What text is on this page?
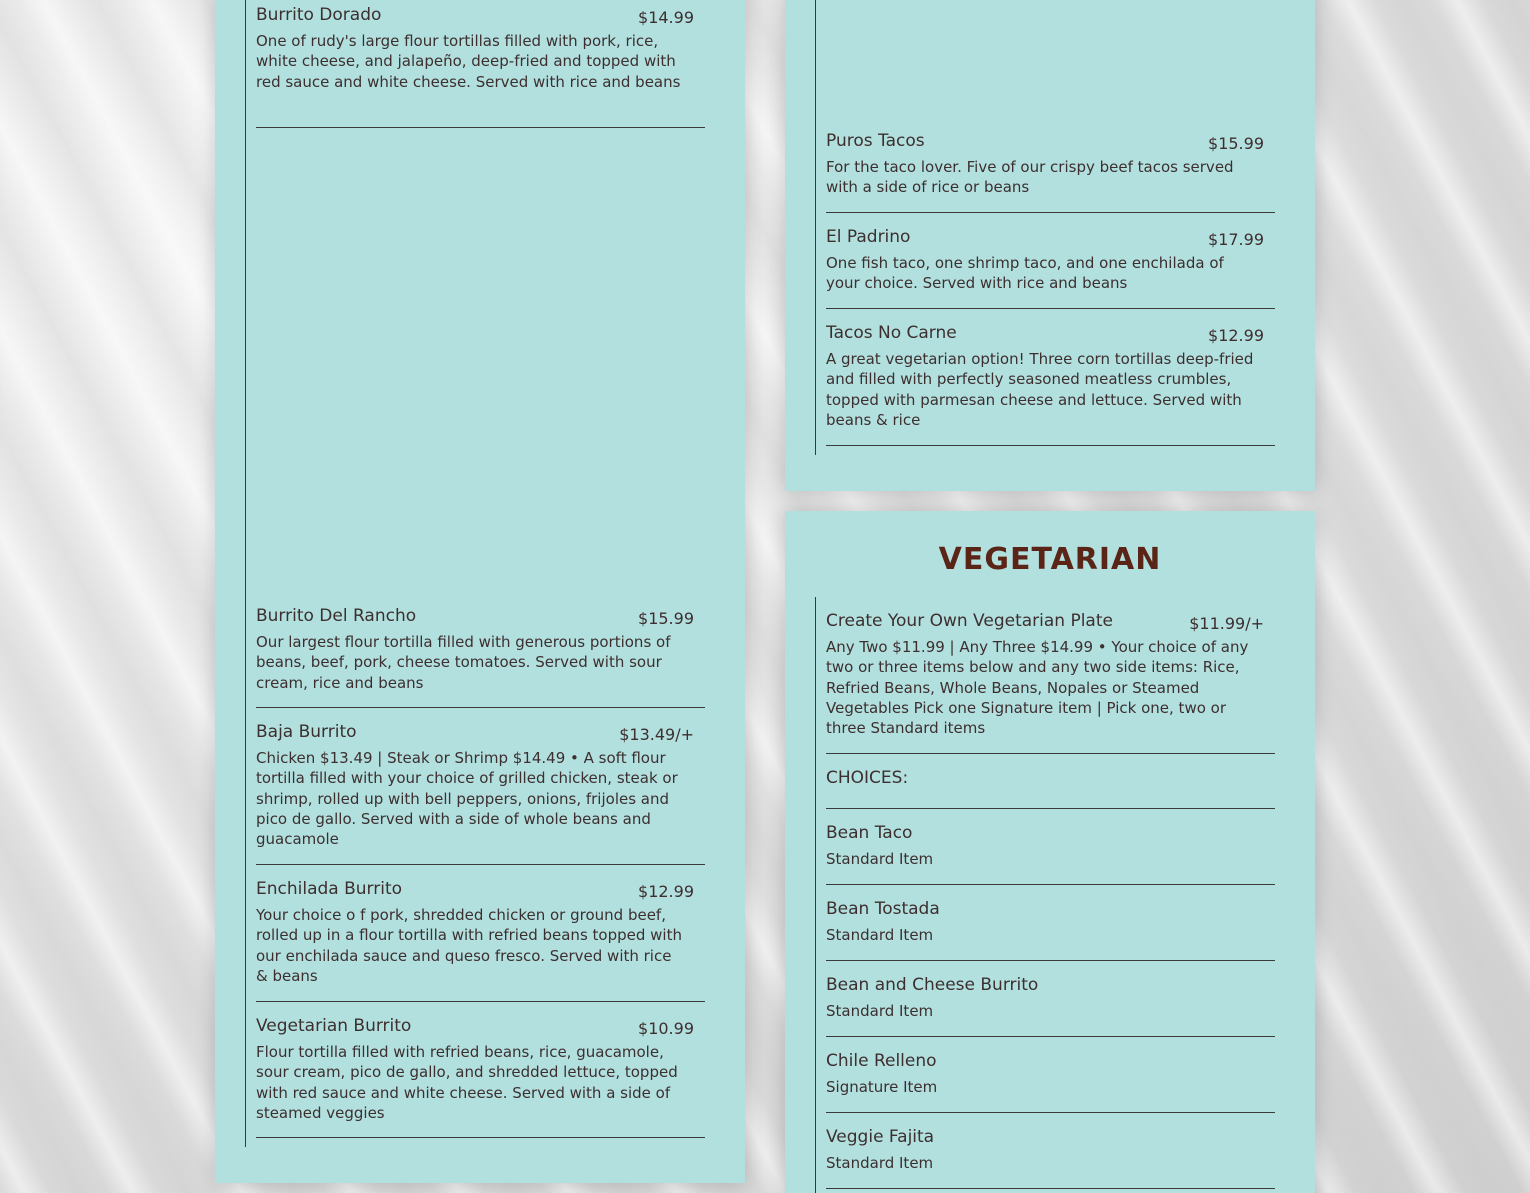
Burrito Dorado	$14.99
One of rudy's large flour tortillas filled with pork, rice, white cheese, and jalapeño, deep-fried and topped with red sauce and white cheese. Served with rice and beans
Burrito Del Rancho	$15.99
Our largest flour tortilla filled with generous portions of beans, beef, pork, cheese tomatoes. Served with sour cream, rice and beans
Baja Burrito	$13.49/+
Chicken $13.49 | Steak or Shrimp $14.49 • A soft flour tortilla filled with your choice of grilled chicken, steak or shrimp, rolled up with bell peppers, onions, frijoles and pico de gallo. Served with a side of whole beans and guacamole
Enchilada Burrito	$12.99
Your choice o f pork, shredded chicken or ground beef, rolled up in a flour tortilla with refried beans topped with our enchilada sauce and queso fresco. Served with rice & beans
Vegetarian Burrito	$10.99
Flour tortilla filled with refried beans, rice, guacamole, sour cream, pico de gallo, and shredded lettuce, topped with red sauce and white cheese. Served with a side of steamed veggies
Puros Tacos	$15.99
For the taco lover. Five of our crispy beef tacos served with a side of rice or beans
El Padrino	$17.99
One fish taco, one shrimp taco, and one enchilada of your choice. Served with rice and beans
Tacos No Carne	$12.99
A great vegetarian option! Three corn tortillas deep-fried and filled with perfectly seasoned meatless crumbles, topped with parmesan cheese and lettuce. Served with beans & rice
VEGETARIAN
Create Your Own Vegetarian Plate	$11.99/+
Any Two $11.99 | Any Three $14.99 • Your choice of any two or three items below and any two side items: Rice, Refried Beans, Whole Beans, Nopales or Steamed Vegetables Pick one Signature item | Pick one, two or three Standard items
CHOICES:
Bean Taco
Standard Item
Bean Tostada
Standard Item
Bean and Cheese Burrito
Standard Item
Chile Relleno
Signature Item
Veggie Fajita
Standard Item
